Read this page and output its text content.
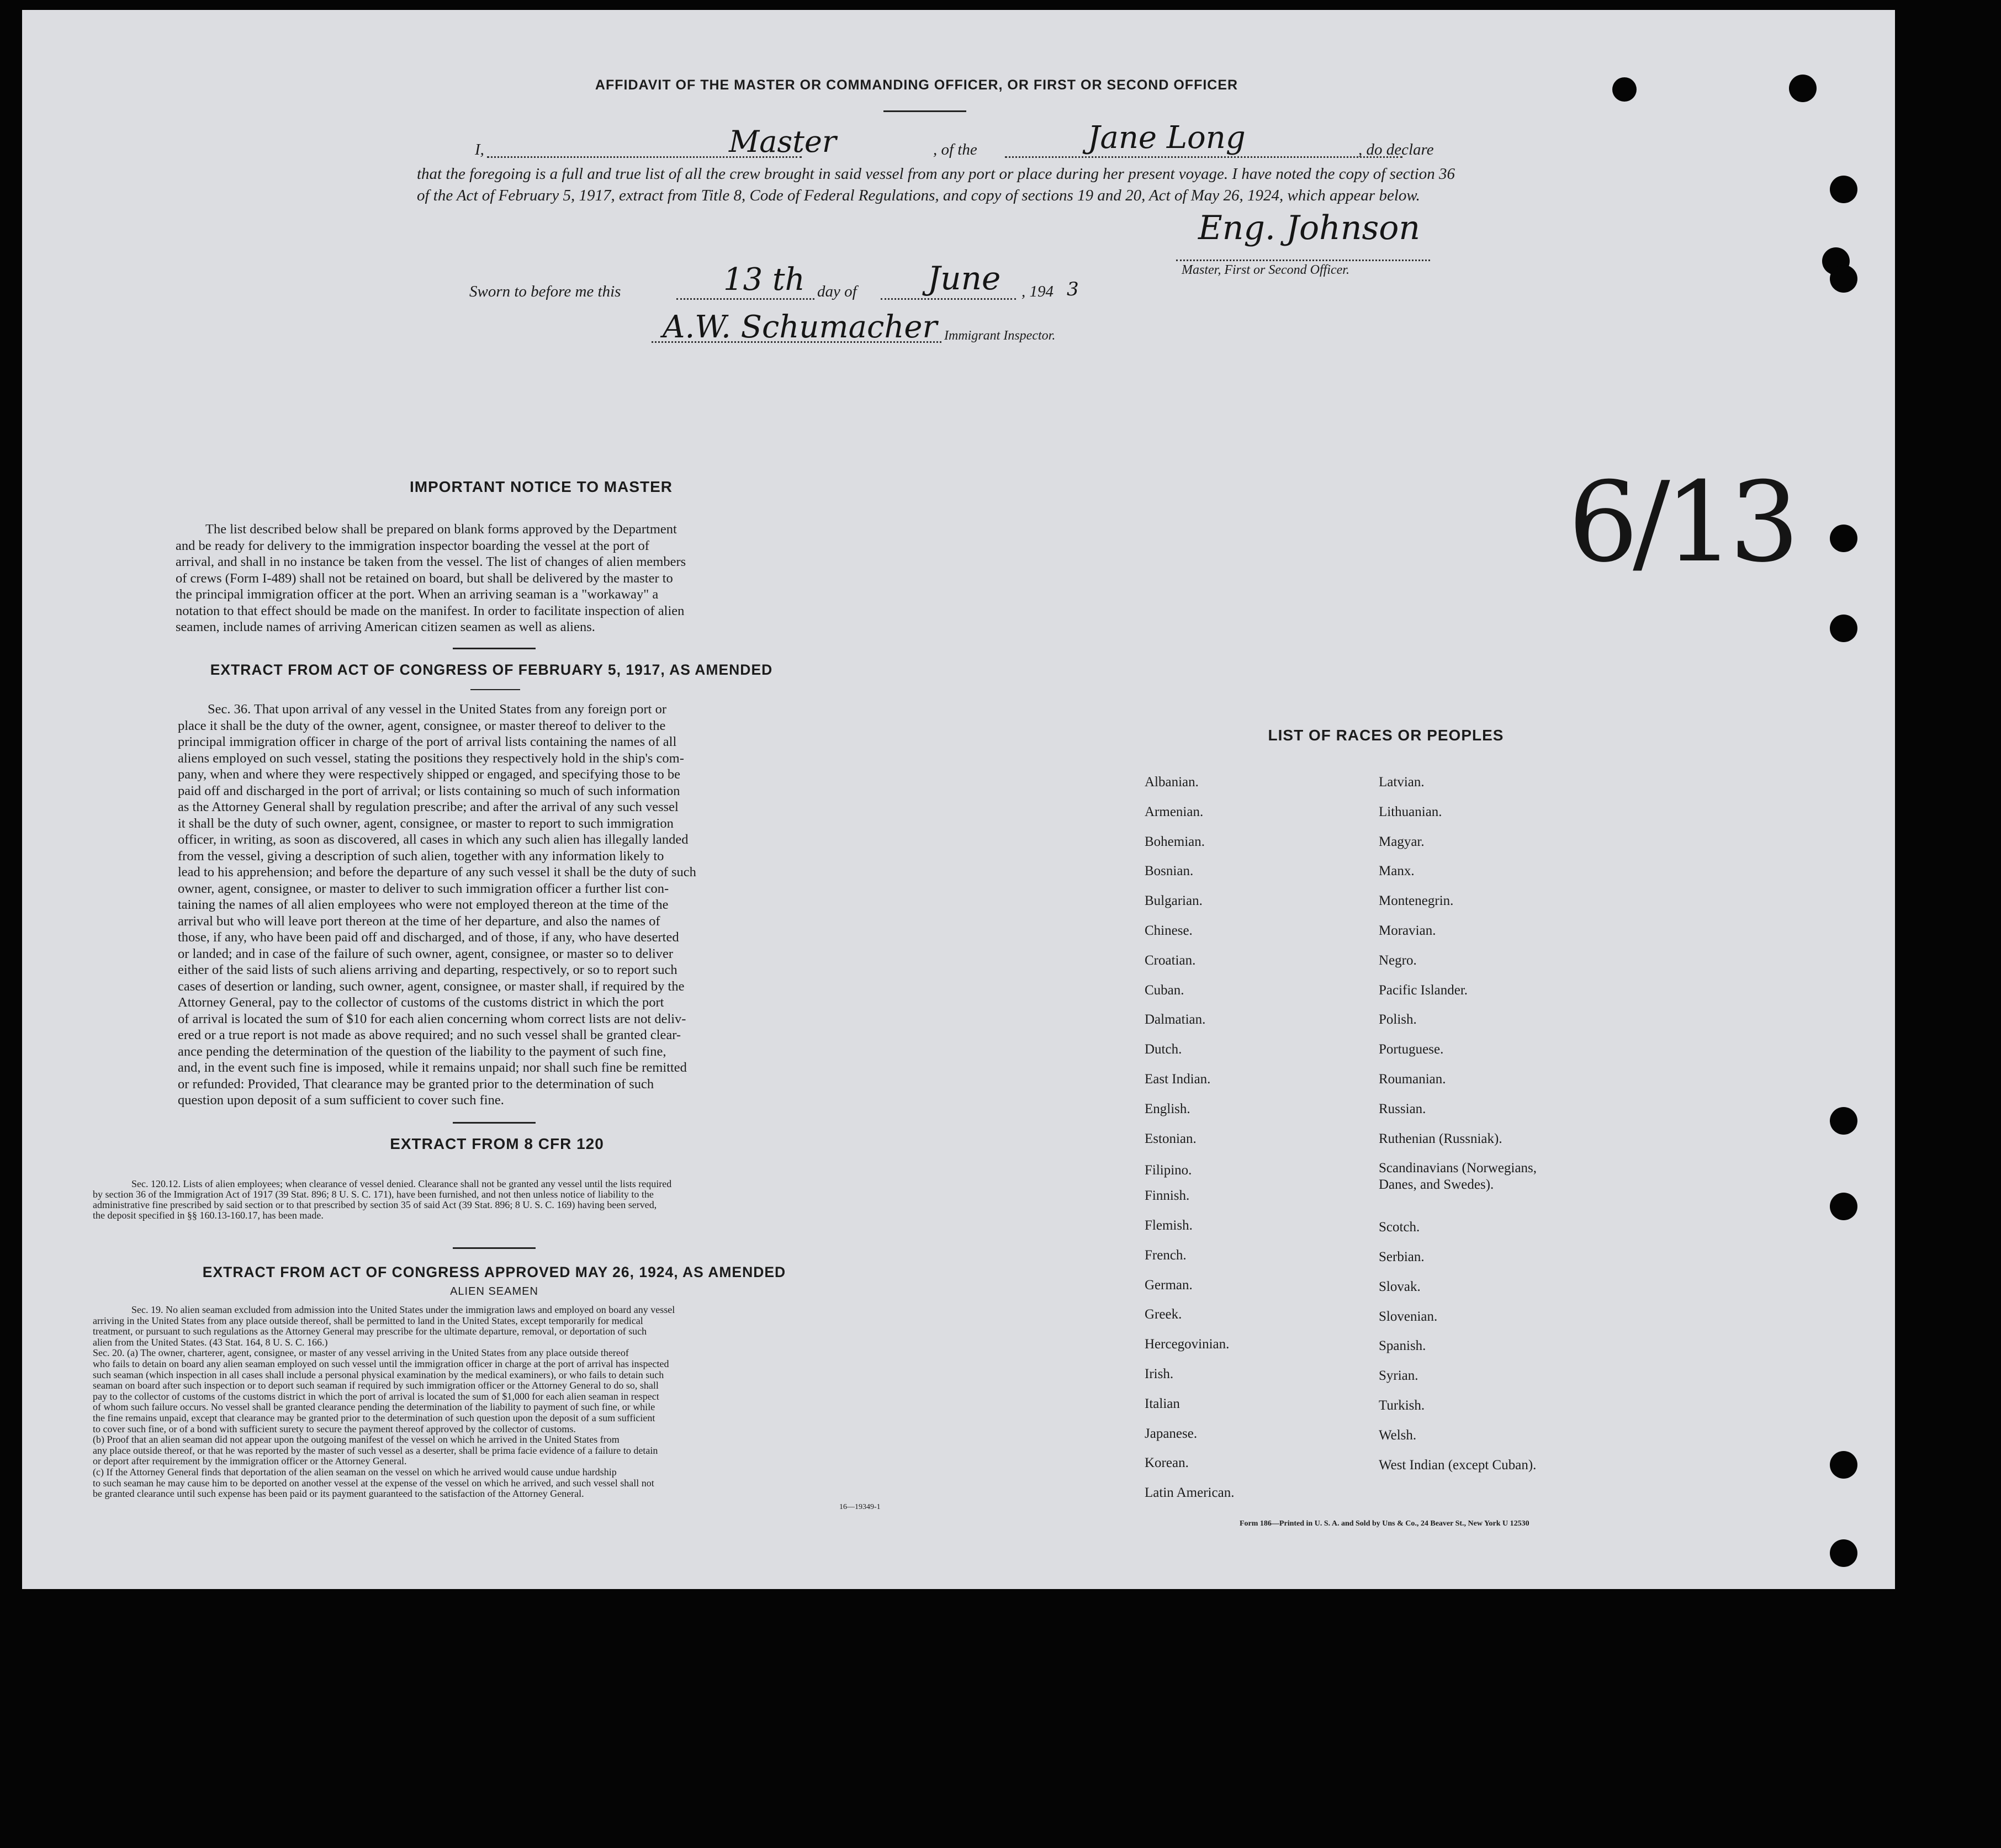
AFFIDAVIT OF THE MASTER OR COMMANDING OFFICER, OR FIRST OR SECOND OFFICER
I,	Master	, of the	Jane Long	, do declare
that the foregoing is a full and true list of all the crew brought in said vessel from any port or place during her present voyage. I have noted the copy of section 36 of the Act of February 5, 1917, extract from Title 8, Code of Federal Regulations, and copy of sections 19 and 20, Act of May 26, 1924, which appear below.
Eng. Johnson
Master, First or Second Officer.
Sworn to before me this	13 th day of June , 194 3
A.W. Schumacher Immigrant Inspector.
6/13
IMPORTANT NOTICE TO MASTER
The list described below shall be prepared on blank forms approved by the Department
and be ready for delivery to the immigration inspector boarding the vessel at the port of
arrival, and shall in no instance be taken from the vessel. The list of changes of alien members
of crews (Form I-489) shall not be retained on board, but shall be delivered by the master to
the principal immigration officer at the port. When an arriving seaman is a "workaway" a
notation to that effect should be made on the manifest. In order to facilitate inspection of alien
seamen, include names of arriving American citizen seamen as well as aliens.
EXTRACT FROM ACT OF CONGRESS OF FEBRUARY 5, 1917, AS AMENDED
Sec. 36. That upon arrival of any vessel in the United States from any foreign port or
place it shall be the duty of the owner, agent, consignee, or master thereof to deliver to the
principal immigration officer in charge of the port of arrival lists containing the names of all
aliens employed on such vessel, stating the positions they respectively hold in the ship's com-
pany, when and where they were respectively shipped or engaged, and specifying those to be
paid off and discharged in the port of arrival; or lists containing so much of such information
as the Attorney General shall by regulation prescribe; and after the arrival of any such vessel
it shall be the duty of such owner, agent, consignee, or master to report to such immigration
officer, in writing, as soon as discovered, all cases in which any such alien has illegally landed
from the vessel, giving a description of such alien, together with any information likely to
lead to his apprehension; and before the departure of any such vessel it shall be the duty of such
owner, agent, consignee, or master to deliver to such immigration officer a further list con-
taining the names of all alien employees who were not employed thereon at the time of the
arrival but who will leave port thereon at the time of her departure, and also the names of
those, if any, who have been paid off and discharged, and of those, if any, who have deserted
or landed; and in case of the failure of such owner, agent, consignee, or master so to deliver
either of the said lists of such aliens arriving and departing, respectively, or so to report such
cases of desertion or landing, such owner, agent, consignee, or master shall, if required by the
Attorney General, pay to the collector of customs of the customs district in which the port
of arrival is located the sum of $10 for each alien concerning whom correct lists are not deliv-
ered or a true report is not made as above required; and no such vessel shall be granted clear-
ance pending the determination of the question of the liability to the payment of such fine,
and, in the event such fine is imposed, while it remains unpaid; nor shall such fine be remitted
or refunded: Provided, That clearance may be granted prior to the determination of such
question upon deposit of a sum sufficient to cover such fine.
EXTRACT FROM 8 CFR 120
Sec. 120.12. Lists of alien employees; when clearance of vessel denied. Clearance shall not be granted any vessel until the lists required
by section 36 of the Immigration Act of 1917 (39 Stat. 896; 8 U. S. C. 171), have been furnished, and not then unless notice of liability to the
administrative fine prescribed by said section or to that prescribed by section 35 of said Act (39 Stat. 896; 8 U. S. C. 169) having been served,
the deposit specified in §§ 160.13-160.17, has been made.
EXTRACT FROM ACT OF CONGRESS APPROVED MAY 26, 1924, AS AMENDED
ALIEN SEAMEN
Sec. 19. No alien seaman excluded from admission into the United States under the immigration laws and employed on board any vessel
arriving in the United States from any place outside thereof, shall be permitted to land in the United States, except temporarily for medical
treatment, or pursuant to such regulations as the Attorney General may prescribe for the ultimate departure, removal, or deportation of such
alien from the United States. (43 Stat. 164, 8 U. S. C. 166.)
Sec. 20. (a) The owner, charterer, agent, consignee, or master of any vessel arriving in the United States from any place outside thereof
who fails to detain on board any alien seaman employed on such vessel until the immigration officer in charge at the port of arrival has inspected
such seaman (which inspection in all cases shall include a personal physical examination by the medical examiners), or who fails to detain such
seaman on board after such inspection or to deport such seaman if required by such immigration officer or the Attorney General to do so, shall
pay to the collector of customs of the customs district in which the port of arrival is located the sum of $1,000 for each alien seaman in respect
of whom such failure occurs. No vessel shall be granted clearance pending the determination of the liability to payment of such fine, or while
the fine remains unpaid, except that clearance may be granted prior to the determination of such question upon the deposit of a sum sufficient
to cover such fine, or of a bond with sufficient surety to secure the payment thereof approved by the collector of customs.
(b) Proof that an alien seaman did not appear upon the outgoing manifest of the vessel on which he arrived in the United States from
any place outside thereof, or that he was reported by the master of such vessel as a deserter, shall be prima facie evidence of a failure to detain
or deport after requirement by the immigration officer or the Attorney General.
(c) If the Attorney General finds that deportation of the alien seaman on the vessel on which he arrived would cause undue hardship
to such seaman he may cause him to be deported on another vessel at the expense of the vessel on which he arrived, and such vessel shall not
be granted clearance until such expense has been paid or its payment guaranteed to the satisfaction of the Attorney General.
16—19349-1
LIST OF RACES OR PEOPLES
Albanian.
Armenian.
Bohemian.
Bosnian.
Bulgarian.
Chinese.
Croatian.
Cuban.
Dalmatian.
Dutch.
East Indian.
English.
Estonian.
Filipino.
Finnish.
Flemish.
French.
German.
Greek.
Hercegovinian.
Irish.
Italian
Japanese.
Korean.
Latin American.
Latvian.
Lithuanian.
Magyar.
Manx.
Montenegrin.
Moravian.
Negro.
Pacific Islander.
Polish.
Portuguese.
Roumanian.
Russian.
Ruthenian (Russniak).
Scandinavians (Norwegians,
Danes, and Swedes).
Scotch.
Serbian.
Slovak.
Slovenian.
Spanish.
Syrian.
Turkish.
Welsh.
West Indian (except Cuban).
Form 186—Printed in U. S. A. and Sold by Uns & Co., 24 Beaver St., New York U 12530
